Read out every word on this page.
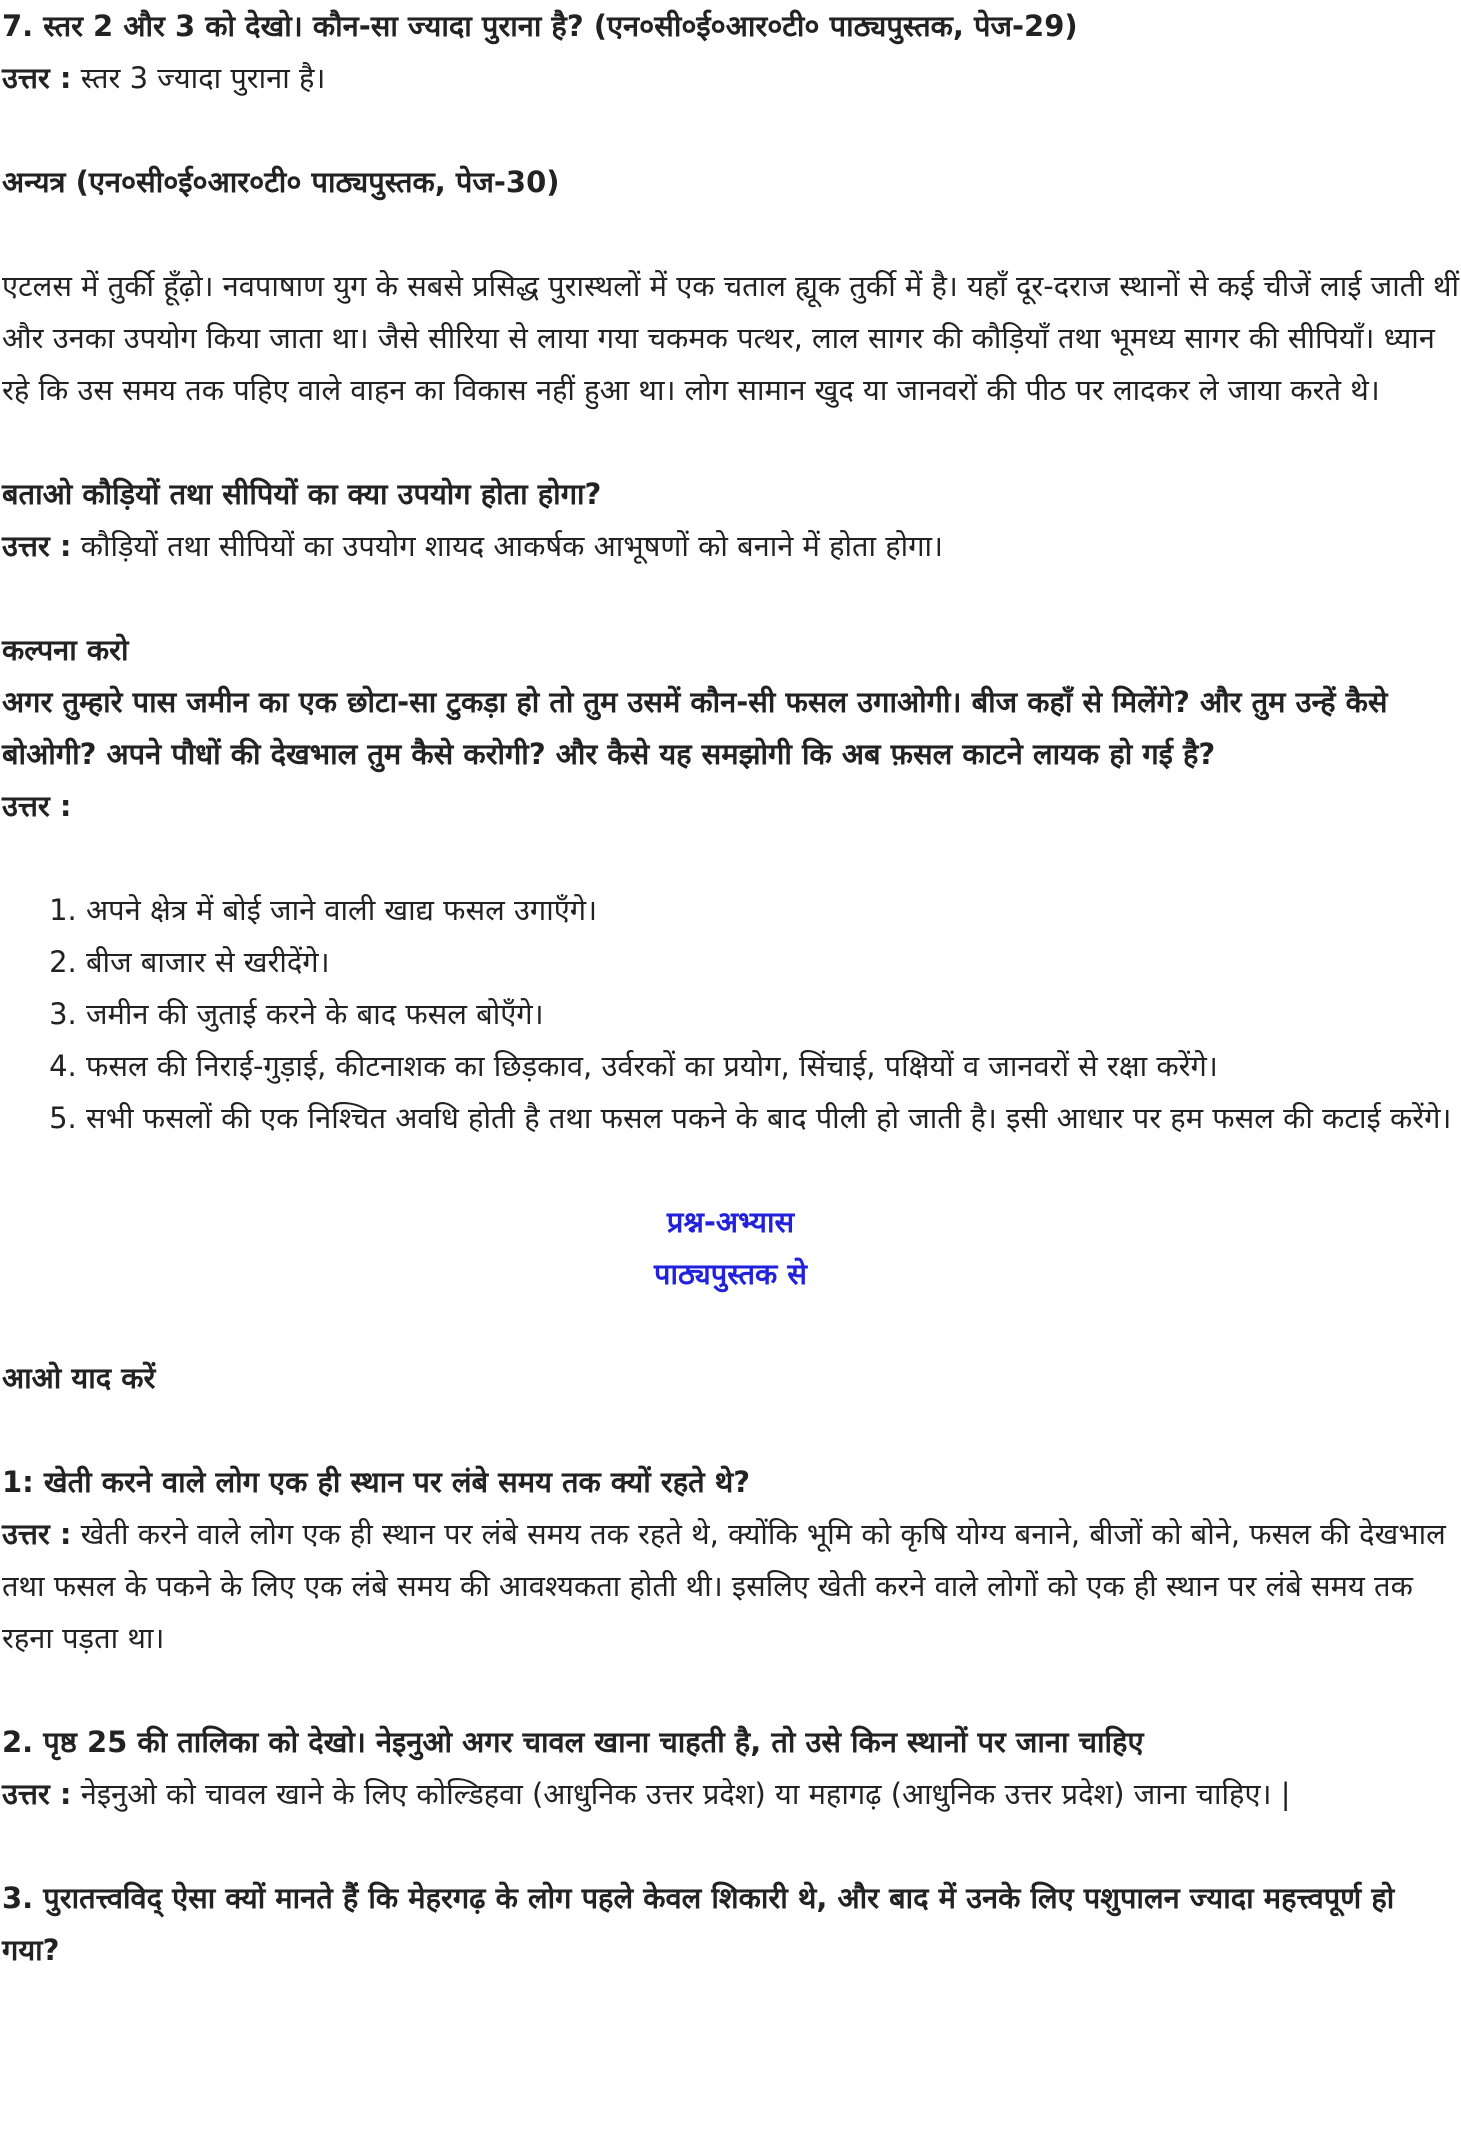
7. स्तर 2 और 3 को देखो। कौन-सा ज्यादा पुराना है? (एन०सी०ई०आर०टी० पाठ्यपुस्तक, पेज-29)

उत्तर : स्तर 3 ज्यादा पुराना है।

अन्यत्र (एन०सी०ई०आर०टी० पाठ्यपुस्तक, पेज-30)

एटलस में तुर्की हूँढ़ो। नवपाषाण युग के सबसे प्रसिद्ध पुरास्थलों में एक चताल ह्यूक तुर्की में है। यहाँ दूर-दराज स्थानों से कई चीजें लाई जाती थीं और उनका उपयोग किया जाता था। जैसे सीरिया से लाया गया चकमक पत्थर, लाल सागर की कौड़ियाँ तथा भूमध्य सागर की सीपियाँ। ध्यान रहे कि उस समय तक पहिए वाले वाहन का विकास नहीं हुआ था। लोग सामान खुद या जानवरों की पीठ पर लादकर ले जाया करते थे।

बताओ कौड़ियों तथा सीपियों का क्या उपयोग होता होगा?

उत्तर : कौड़ियों तथा सीपियों का उपयोग शायद आकर्षक आभूषणों को बनाने में होता होगा।

कल्पना करो

अगर तुम्हारे पास जमीन का एक छोटा-सा टुकड़ा हो तो तुम उसमें कौन-सी फसल उगाओगी। बीज कहाँ से मिलेंगे? और तुम उन्हें कैसे बोओगी? अपने पौधों की देखभाल तुम कैसे करोगी? और कैसे यह समझोगी कि अब फ़सल काटने लायक हो गई है?

उत्तर :

1. अपने क्षेत्र में बोई जाने वाली खाद्य फसल उगाएँगे।
2. बीज बाजार से खरीदेंगे।
3. जमीन की जुताई करने के बाद फसल बोएँगे।
4. फसल की निराई-गुड़ाई, कीटनाशक का छिड़काव, उर्वरकों का प्रयोग, सिंचाई, पक्षियों व जानवरों से रक्षा करेंगे।
5. सभी फसलों की एक निश्चित अवधि होती है तथा फसल पकने के बाद पीली हो जाती है। इसी आधार पर हम फसल की कटाई करेंगे।

प्रश्न-अभ्यास

पाठ्यपुस्तक से

आओ याद करें

1: खेती करने वाले लोग एक ही स्थान पर लंबे समय तक क्यों रहते थे?

उत्तर : खेती करने वाले लोग एक ही स्थान पर लंबे समय तक रहते थे, क्योंकि भूमि को कृषि योग्य बनाने, बीजों को बोने, फसल की देखभाल तथा फसल के पकने के लिए एक लंबे समय की आवश्यकता होती थी। इसलिए खेती करने वाले लोगों को एक ही स्थान पर लंबे समय तक रहना पड़ता था।

2. पृष्ठ 25 की तालिका को देखो। नेइनुओ अगर चावल खाना चाहती है, तो उसे किन स्थानों पर जाना चाहिए

उत्तर : नेइनुओ को चावल खाने के लिए कोल्डिहवा (आधुनिक उत्तर प्रदेश) या महागढ़ (आधुनिक उत्तर प्रदेश) जाना चाहिए। |

3. पुरातत्त्वविद् ऐसा क्यों मानते हैं कि मेहरगढ़ के लोग पहले केवल शिकारी थे, और बाद में उनके लिए पशुपालन ज्यादा महत्त्वपूर्ण हो गया?
